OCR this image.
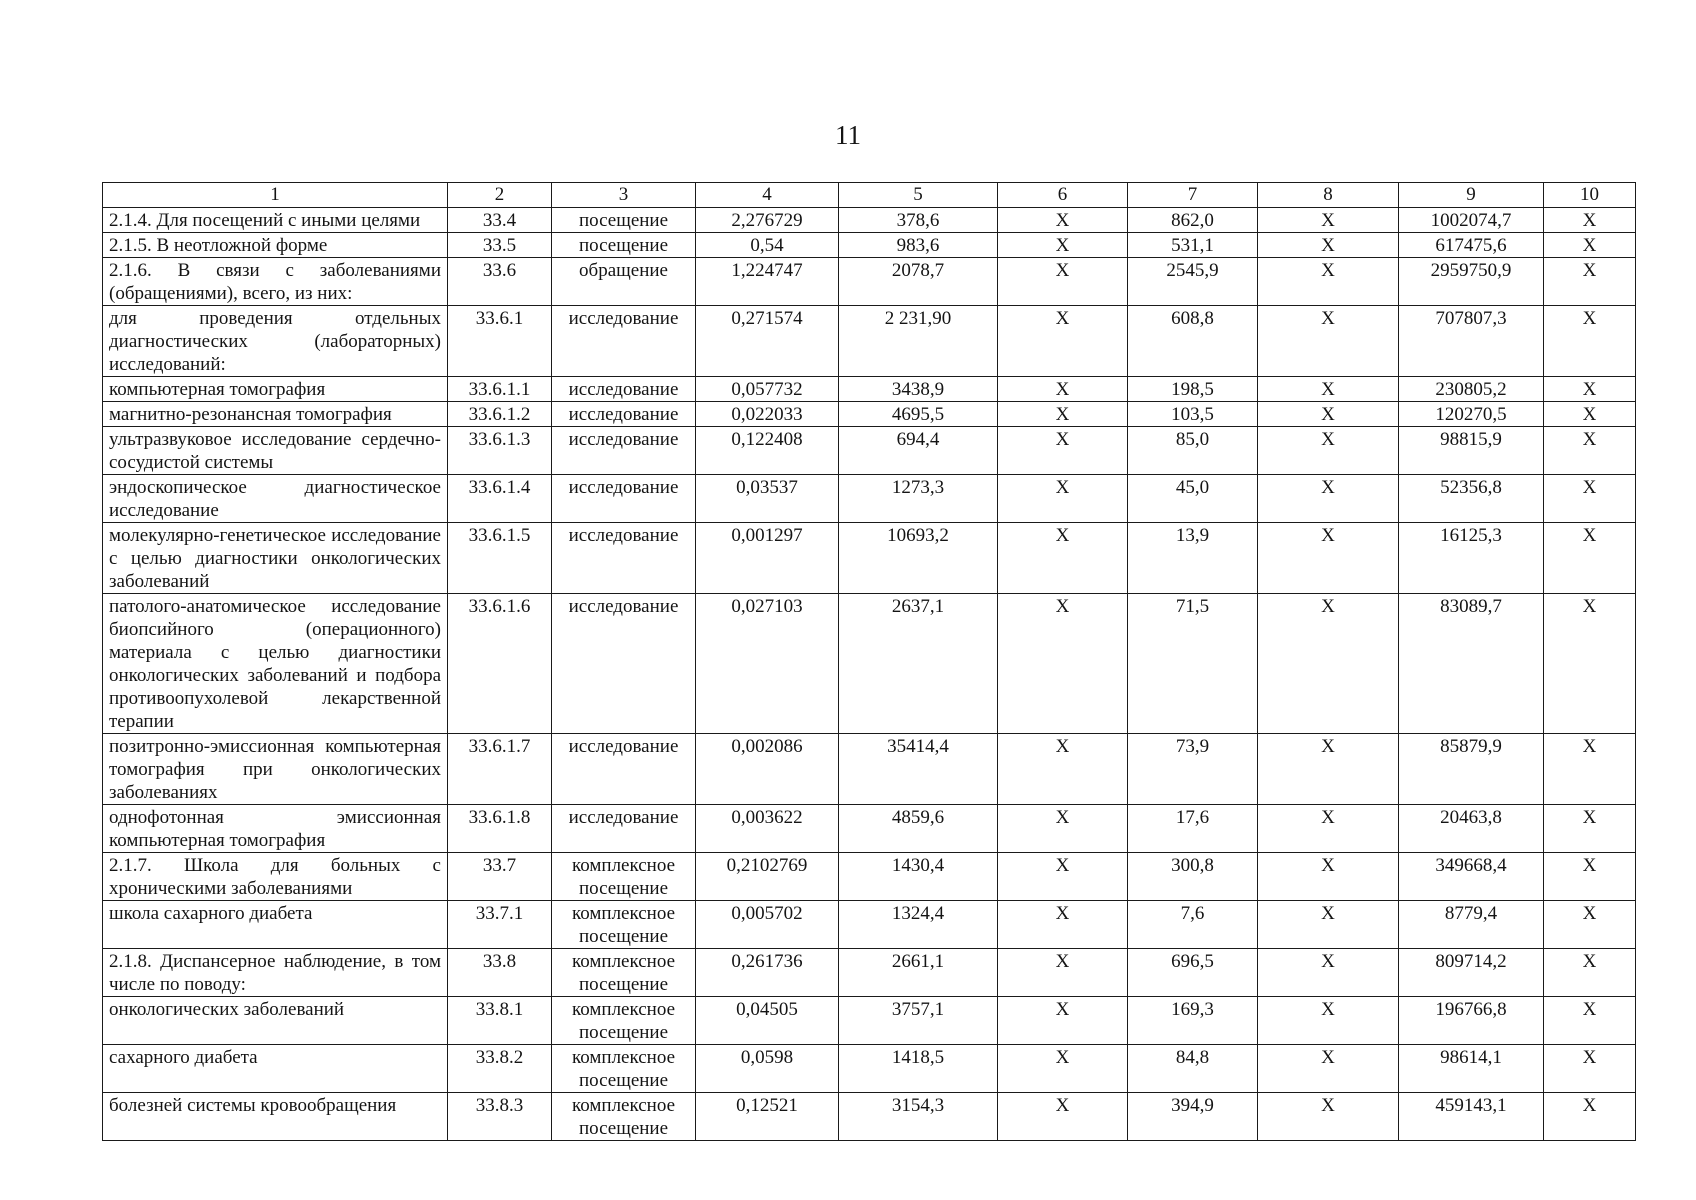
11
1	2	3	4	5	6	7	8	9	10
2.1.4. Для посещений с иными целями	33.4	посещение	2,276729	378,6	X	862,0	X	1002074,7	X
2.1.5. В неотложной форме	33.5	посещение	0,54	983,6	X	531,1	X	617475,6	X
2.1.6. В связи с заболеваниями (обращениями), всего, из них:	33.6	обращение	1,224747	2078,7	X	2545,9	X	2959750,9	X
для проведения отдельных диагностических (лабораторных) исследований:	33.6.1	исследование	0,271574	2 231,90	X	608,8	X	707807,3	X
компьютерная томография	33.6.1.1	исследование	0,057732	3438,9	X	198,5	X	230805,2	X
магнитно-резонансная томография	33.6.1.2	исследование	0,022033	4695,5	X	103,5	X	120270,5	X
ультразвуковое исследование сердечно-сосудистой системы	33.6.1.3	исследование	0,122408	694,4	X	85,0	X	98815,9	X
эндоскопическое диагностическое исследование	33.6.1.4	исследование	0,03537	1273,3	X	45,0	X	52356,8	X
молекулярно-генетическое исследование с целью диагностики онкологических заболеваний	33.6.1.5	исследование	0,001297	10693,2	X	13,9	X	16125,3	X
патолого-анатомическое исследование биопсийного (операционного) материала с целью диагностики онкологических заболеваний и подбора противоопухолевой лекарственной терапии	33.6.1.6	исследование	0,027103	2637,1	X	71,5	X	83089,7	X
позитронно-эмиссионная компьютерная томография при онкологических заболеваниях	33.6.1.7	исследование	0,002086	35414,4	X	73,9	X	85879,9	X
однофотонная эмиссионная компьютерная томография	33.6.1.8	исследование	0,003622	4859,6	X	17,6	X	20463,8	X
2.1.7. Школа для больных с хроническими заболеваниями	33.7	комплексное посещение	0,2102769	1430,4	X	300,8	X	349668,4	X
школа сахарного диабета	33.7.1	комплексное посещение	0,005702	1324,4	X	7,6	X	8779,4	X
2.1.8. Диспансерное наблюдение, в том числе по поводу:	33.8	комплексное посещение	0,261736	2661,1	X	696,5	X	809714,2	X
онкологических заболеваний	33.8.1	комплексное посещение	0,04505	3757,1	X	169,3	X	196766,8	X
сахарного диабета	33.8.2	комплексное посещение	0,0598	1418,5	X	84,8	X	98614,1	X
болезней системы кровообращения	33.8.3	комплексное посещение	0,12521	3154,3	X	394,9	X	459143,1	X
